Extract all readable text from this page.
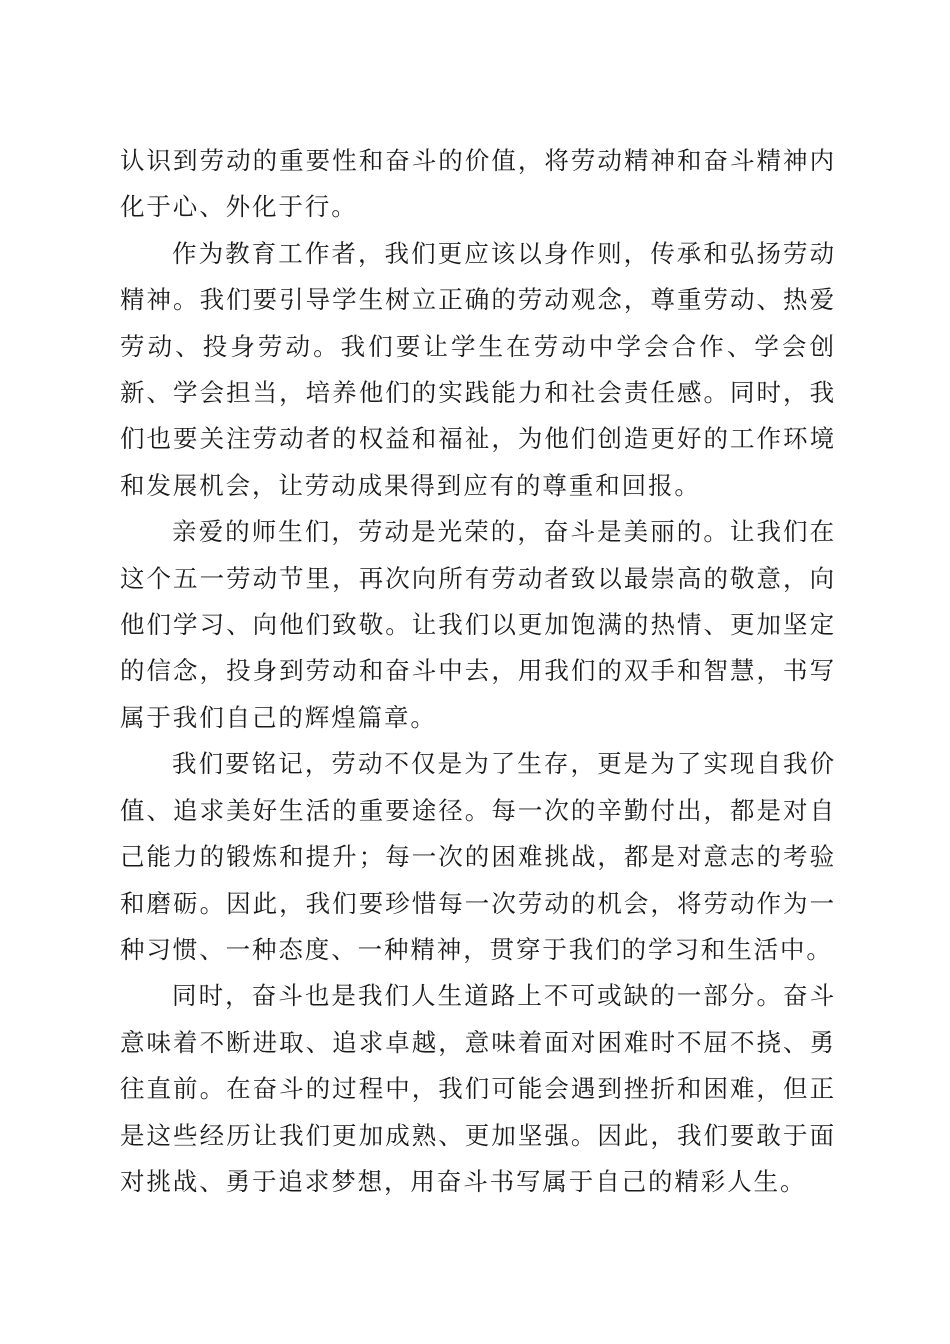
认识到劳动的重要性和奋斗的价值，将劳动精神和奋斗精神内化于心、外化于行。

作为教育工作者，我们更应该以身作则，传承和弘扬劳动精神。我们要引导学生树立正确的劳动观念，尊重劳动、热爱劳动、投身劳动。我们要让学生在劳动中学会合作、学会创新、学会担当，培养他们的实践能力和社会责任感。同时，我们也要关注劳动者的权益和福祉，为他们创造更好的工作环境和发展机会，让劳动成果得到应有的尊重和回报。

亲爱的师生们，劳动是光荣的，奋斗是美丽的。让我们在这个五一劳动节里，再次向所有劳动者致以最崇高的敬意，向他们学习、向他们致敬。让我们以更加饱满的热情、更加坚定的信念，投身到劳动和奋斗中去，用我们的双手和智慧，书写属于我们自己的辉煌篇章。

我们要铭记，劳动不仅是为了生存，更是为了实现自我价值、追求美好生活的重要途径。每一次的辛勤付出，都是对自己能力的锻炼和提升；每一次的困难挑战，都是对意志的考验和磨砺。因此，我们要珍惜每一次劳动的机会，将劳动作为一种习惯、一种态度、一种精神，贯穿于我们的学习和生活中。

同时，奋斗也是我们人生道路上不可或缺的一部分。奋斗意味着不断进取、追求卓越，意味着面对困难时不屈不挠、勇往直前。在奋斗的过程中，我们可能会遇到挫折和困难，但正是这些经历让我们更加成熟、更加坚强。因此，我们要敢于面对挑战、勇于追求梦想，用奋斗书写属于自己的精彩人生。
